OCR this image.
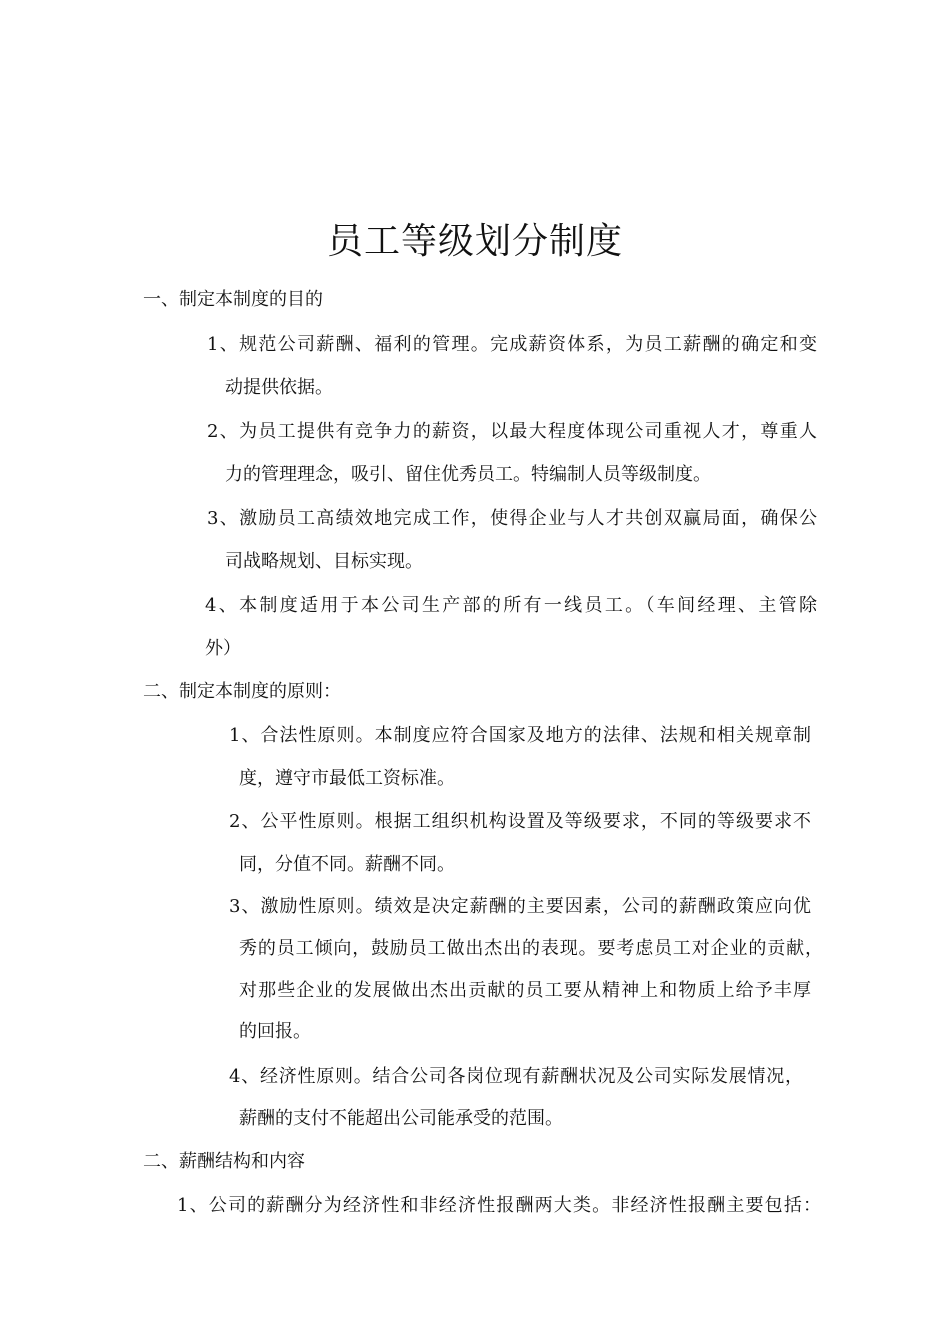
员工等级划分制度
一、制定本制度的目的
1、规范公司薪酬、福利的管理。完成薪资体系，为员工薪酬的确定和变
动提供依据。
2、为员工提供有竞争力的薪资，以最大程度体现公司重视人才，尊重人
力的管理理念，吸引、留住优秀员工。特编制人员等级制度。
3、激励员工高绩效地完成工作，使得企业与人才共创双赢局面，确保公
司战略规划、目标实现。
4、本制度适用于本公司生产部的所有一线员工。（车间经理、主管除
外）
二、制定本制度的原则：
1、合法性原则。本制度应符合国家及地方的法律、法规和相关规章制
度，遵守市最低工资标准。
2、公平性原则。根据工组织机构设置及等级要求，不同的等级要求不
同，分值不同。薪酬不同。
3、激励性原则。绩效是决定薪酬的主要因素，公司的薪酬政策应向优
秀的员工倾向，鼓励员工做出杰出的表现。要考虑员工对企业的贡献，
对那些企业的发展做出杰出贡献的员工要从精神上和物质上给予丰厚
的回报。
4、经济性原则。结合公司各岗位现有薪酬状况及公司实际发展情况，
薪酬的支付不能超出公司能承受的范围。
二、薪酬结构和内容
1、公司的薪酬分为经济性和非经济性报酬两大类。非经济性报酬主要包括：
